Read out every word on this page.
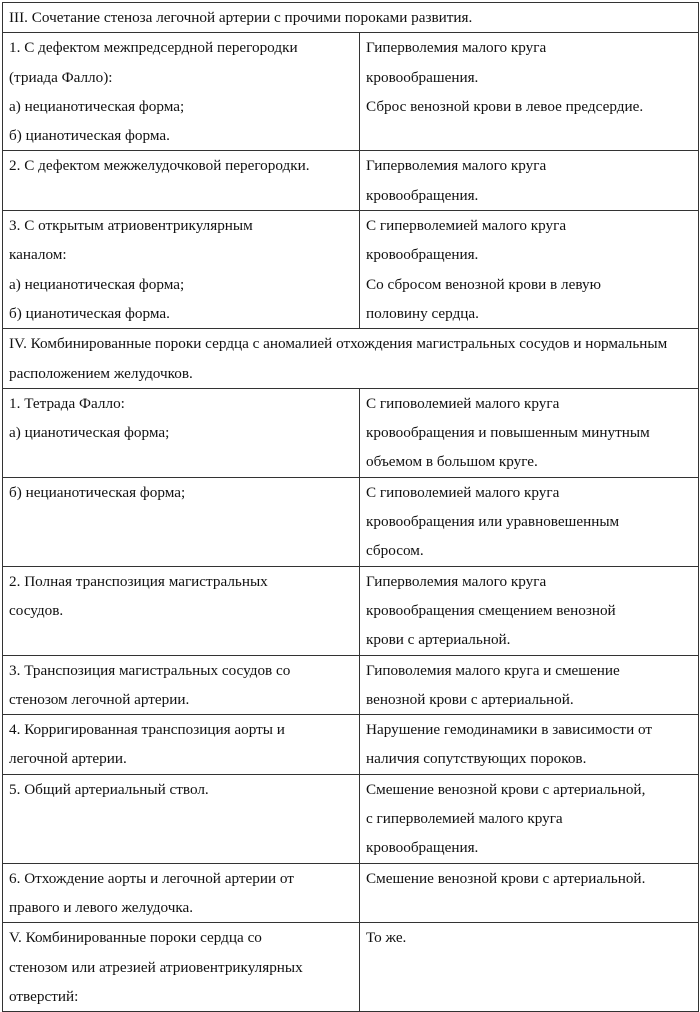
III. Сочетание стеноза легочной артерии с прочими пороками развития.	
1. С дефектом межпредсердной перегородки
(триада Фалло):
а) нецианотическая форма;
б) цианотическая форма.	Гиперволемия малого круга
кровообрашения.
Сброс венозной крови в левое предсердие.
2. С дефектом межжелудочковой перегородки.	Гиперволемия малого круга
кровообращения.
3. С открытым атриовентрикулярным
каналом:
а) нецианотическая форма;
б) цианотическая форма.	С гиперволемией малого круга
кровообращения.
Со сбросом венозной крови в левую
половину сердца.
IV. Комбинированные пороки сердца с аномалией отхождения магистральных сосудов и нормальным расположением желудочков.	
1. Тетрада Фалло:
а) цианотическая форма;	С гиповолемией малого круга
кровообращения и повышенным минутным
объемом в большом круге.
б) нецианотическая форма;	С гиповолемией малого круга
кровообращения или уравновешенным
сбросом.
2. Полная транспозиция магистральных
сосудов.	Гиперволемия малого круга
кровообращения смещением венозной
крови с артериальной.
3. Транспозиция магистральных сосудов со
стенозом легочной артерии.	Гиповолемия малого круга и смешение
венозной крови с артериальной.
4. Корригированная транспозиция аорты и
легочной артерии.	Нарушение гемодинамики в зависимости от
наличия сопутствующих пороков.
5. Общий артериальный ствол.	Смешение венозной крови с артериальной,
с гиперволемией малого круга
кровообращения.
6. Отхождение аорты и легочной артерии от
правого и левого желудочка.	Смешение венозной крови с артериальной.
V. Комбинированные пороки сердца со
стенозом или атрезией атриовентрикулярных
отверстий:	То же.
